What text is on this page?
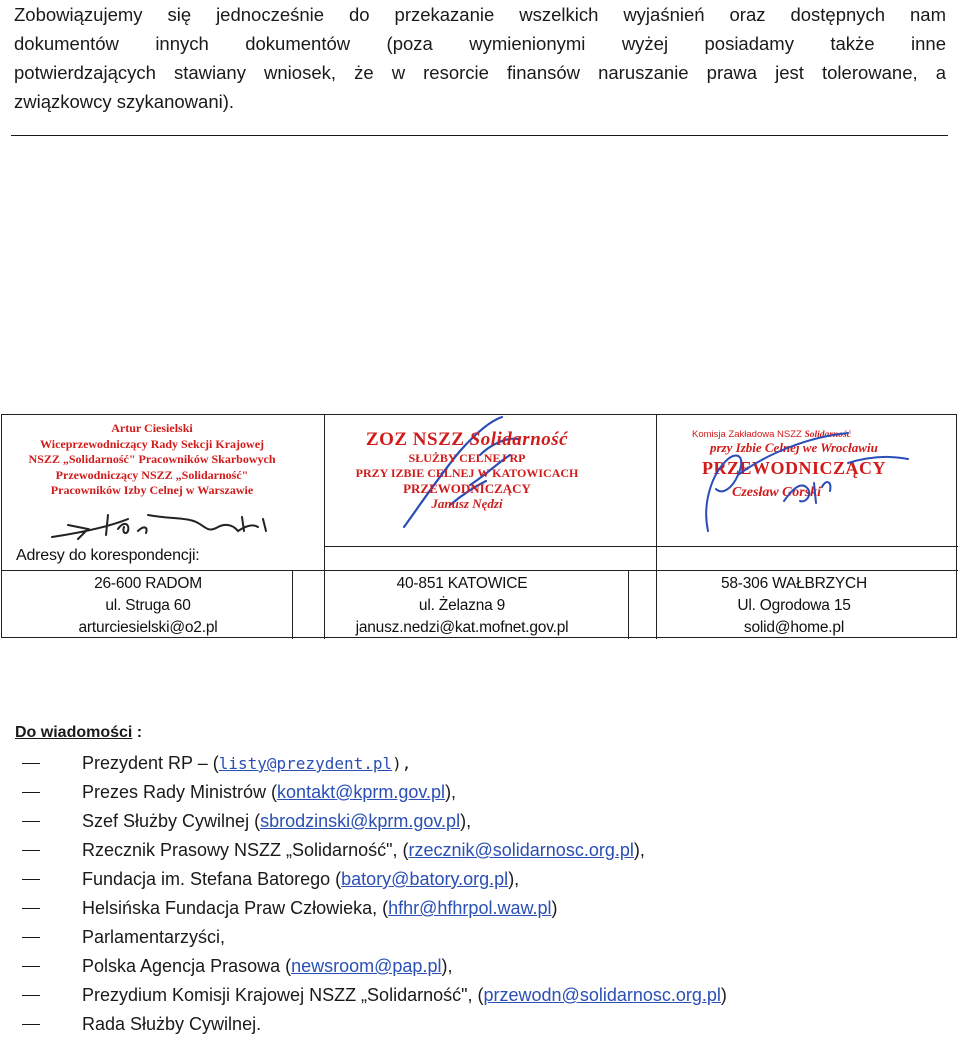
Zobowiązujemy się jednocześnie do przekazanie wszelkich wyjaśnień oraz dostępnych nam
dokumentów innych dokumentów (poza wymienionymi wyżej posiadamy także inne
potwierdzających stawiany wniosek, że w resorcie finansów naruszanie prawa jest tolerowane, a
związkowcy szykanowani).
Artur Ciesielski
Wiceprzewodniczący Rady Sekcji Krajowej
NSZZ „Solidarność" Pracowników Skarbowych
Przewodniczący NSZZ „Solidarność"
Pracowników Izby Celnej w Warszawie
ZOZ NSZZ Solidarność
SŁUŻBY CELNEJ RP
PRZY IZBIE CELNEJ W KATOWICACH
PRZEWODNICZĄCY
Janusz Nędzi
Komisja Zakładowa NSZZ Solidarność
przy Izbie Celnej we Wrocławiu
PRZEWODNICZĄCY
Czesław Górski
Adresy do korespondencji:
26-600 RADOM
ul. Struga 60
arturciesielski@o2.pl
40-851 KATOWICE
ul. Żelazna 9
janusz.nedzi@kat.mofnet.gov.pl
58-306 WAŁBRZYCH
Ul. Ogrodowa 15
solid@home.pl
Do wiadomości :
Prezydent RP – (listy@prezydent.pl),
Prezes Rady Ministrów (kontakt@kprm.gov.pl),
Szef Służby Cywilnej (sbrodzinski@kprm.gov.pl),
Rzecznik Prasowy NSZZ „Solidarność", (rzecznik@solidarnosc.org.pl),
Fundacja im. Stefana Batorego (batory@batory.org.pl),
Helsińska Fundacja Praw Człowieka, (hfhr@hfhrpol.waw.pl)
Parlamentarzyści,
Polska Agencja Prasowa (newsroom@pap.pl),
Prezydium Komisji Krajowej NSZZ „Solidarność", (przewodn@solidarnosc.org.pl)
Rada Służby Cywilnej.
